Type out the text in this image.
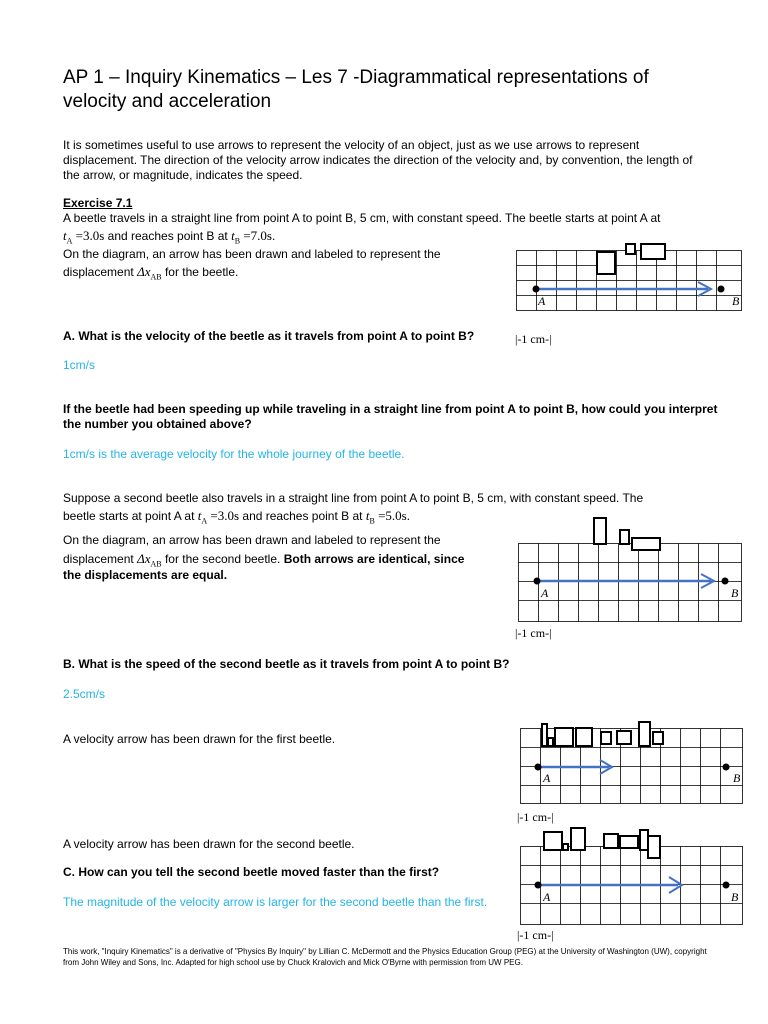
AP 1 – Inquiry Kinematics – Les 7 -Diagrammatical representations of velocity and acceleration

It is sometimes useful to use arrows to represent the velocity of an object, just as we use arrows to represent displacement. The direction of the velocity arrow indicates the direction of the velocity and, by convention, the length of the arrow, or magnitude, indicates the speed.

Exercise 7.1

A beetle travels in a straight line from point A to point B, 5 cm, with constant speed. The beetle starts at point A at

$t_A =3.0s$ and reaches point B at $t_B =7.0s$.

On the diagram, an arrow has been drawn and labeled to represent the

displacement $\Delta x_{AB}$ for the beetle.

A. What is the velocity of the beetle as it travels from point A to point B?

1cm/s

If the beetle had been speeding up while traveling in a straight line from point A to point B, how could you interpret the number you obtained above?

1cm/s is the average velocity for the whole journey of the beetle.

Suppose a second beetle also travels in a straight line from point A to point B, 5 cm, with constant speed. The

beetle starts at point A at $t_A =3.0s$ and reaches point B at $t_B =5.0s$.

On the diagram, an arrow has been drawn and labeled to represent the

displacement $\Delta x_{AB}$ for the second beetle. Both arrows are identical, since

the displacements are equal.

B. What is the speed of the second beetle as it travels from point A to point B?

2.5cm/s

A velocity arrow has been drawn for the first beetle.

A velocity arrow has been drawn for the second beetle.

C. How can you tell the second beetle moved faster than the first?

The magnitude of the velocity arrow is larger for the second beetle than the first.

A	B
|-1 cm-|
A	B
|-1 cm-|
A	B
|-1 cm-|
A	B
|-1 cm-|

This work, "Inquiry Kinematics" is a derivative of "Physics By Inquiry" by Lillian C. McDermott and the Physics Education Group (PEG) at the University of Washington (UW), copyright from John Wiley and Sons, Inc. Adapted for high school use by Chuck Kralovich and Mick O'Byrne with permission from UW PEG.
